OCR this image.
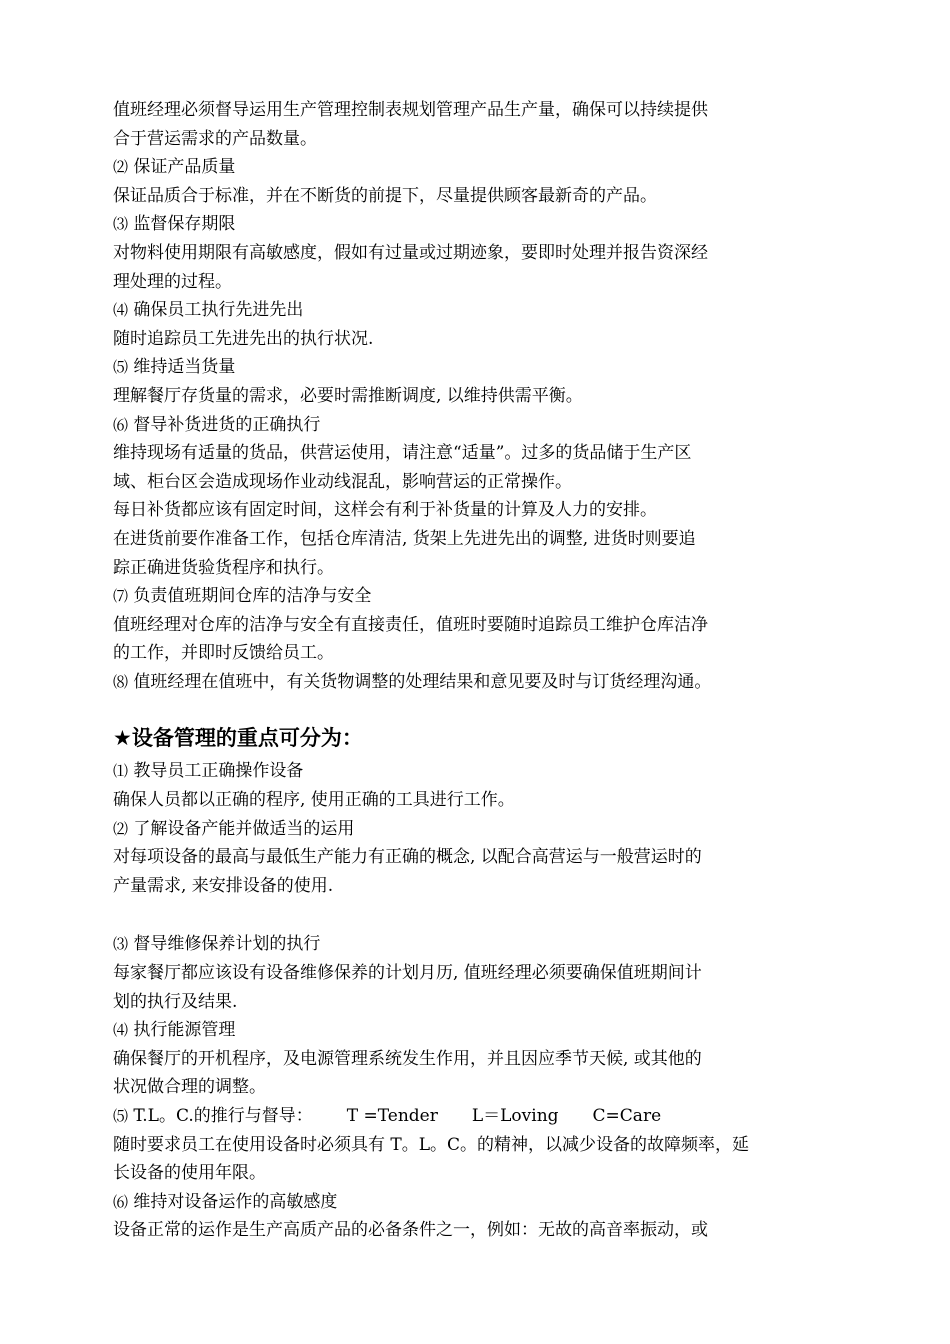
值班经理必须督导运用生产管理控制表规划管理产品生产量，确保可以持续提供
合于营运需求的产品数量。
⑵ 保证产品质量
保证品质合于标准，并在不断货的前提下，尽量提供顾客最新奇的产品。
⑶ 监督保存期限
对物料使用期限有高敏感度，假如有过量或过期迹象，要即时处理并报告资深经
理处理的过程。
⑷ 确保员工执行先进先出
随时追踪员工先进先出的执行状况.
⑸ 维持适当货量
理解餐厅存货量的需求，必要时需推断调度, 以维持供需平衡。
⑹ 督导补货进货的正确执行
维持现场有适量的货品，供营运使用，请注意“适量”。过多的货品储于生产区
域、柜台区会造成现场作业动线混乱，影响营运的正常操作。
每日补货都应该有固定时间，这样会有利于补货量的计算及人力的安排。
在进货前要作准备工作，包括仓库清洁, 货架上先进先出的调整, 进货时则要追
踪正确进货验货程序和执行。
⑺ 负责值班期间仓库的洁净与安全
值班经理对仓库的洁净与安全有直接责任，值班时要随时追踪员工维护仓库洁净
的工作，并即时反馈给员工。
⑻ 值班经理在值班中，有关货物调整的处理结果和意见要及时与订货经理沟通。
★设备管理的重点可分为：
⑴ 教导员工正确操作设备
确保人员都以正确的程序, 使用正确的工具进行工作。
⑵ 了解设备产能并做适当的运用
对每项设备的最高与最低生产能力有正确的概念, 以配合高营运与一般营运时的
产量需求, 来安排设备的使用.
⑶ 督导维修保养计划的执行
每家餐厅都应该设有设备维修保养的计划月历, 值班经理必须要确保值班期间计
划的执行及结果.
⑷ 执行能源管理
确保餐厅的开机程序，及电源管理系统发生作用，并且因应季节天候, 或其他的
状况做合理的调整。
⑸ T.L。C.的推行与督导： T =Tender L＝Loving C=Care
随时要求员工在使用设备时必须具有 T。L。C。的精神，以减少设备的故障频率，延
长设备的使用年限。
⑹ 维持对设备运作的高敏感度
设备正常的运作是生产高质产品的必备条件之一，例如：无故的高音率振动，或
